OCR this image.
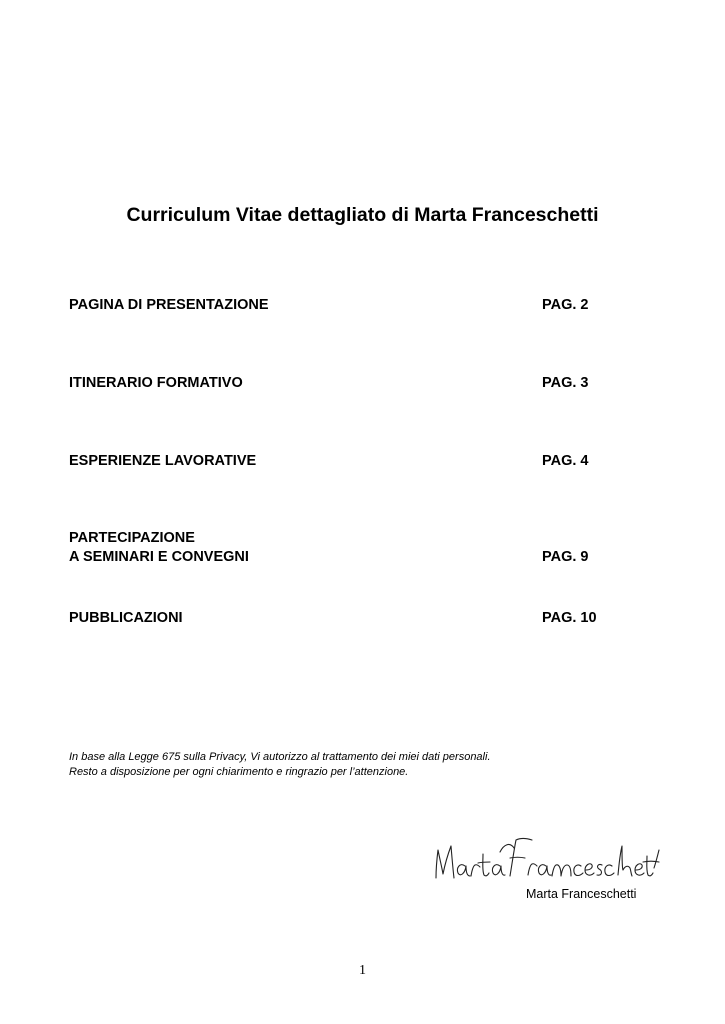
Curriculum Vitae dettagliato di Marta Franceschetti
PAGINA DI PRESENTAZIONE	PAG. 2
ITINERARIO FORMATIVO	PAG. 3
ESPERIENZE LAVORATIVE	PAG. 4
PARTECIPAZIONE
A SEMINARI E CONVEGNI	PAG. 9
PUBBLICAZIONI	PAG. 10
In base alla Legge 675 sulla Privacy, Vi autorizzo al trattamento dei miei dati personali.
Resto a disposizione per ogni chiarimento e ringrazio per l’attenzione.
Marta Franceschetti
1
